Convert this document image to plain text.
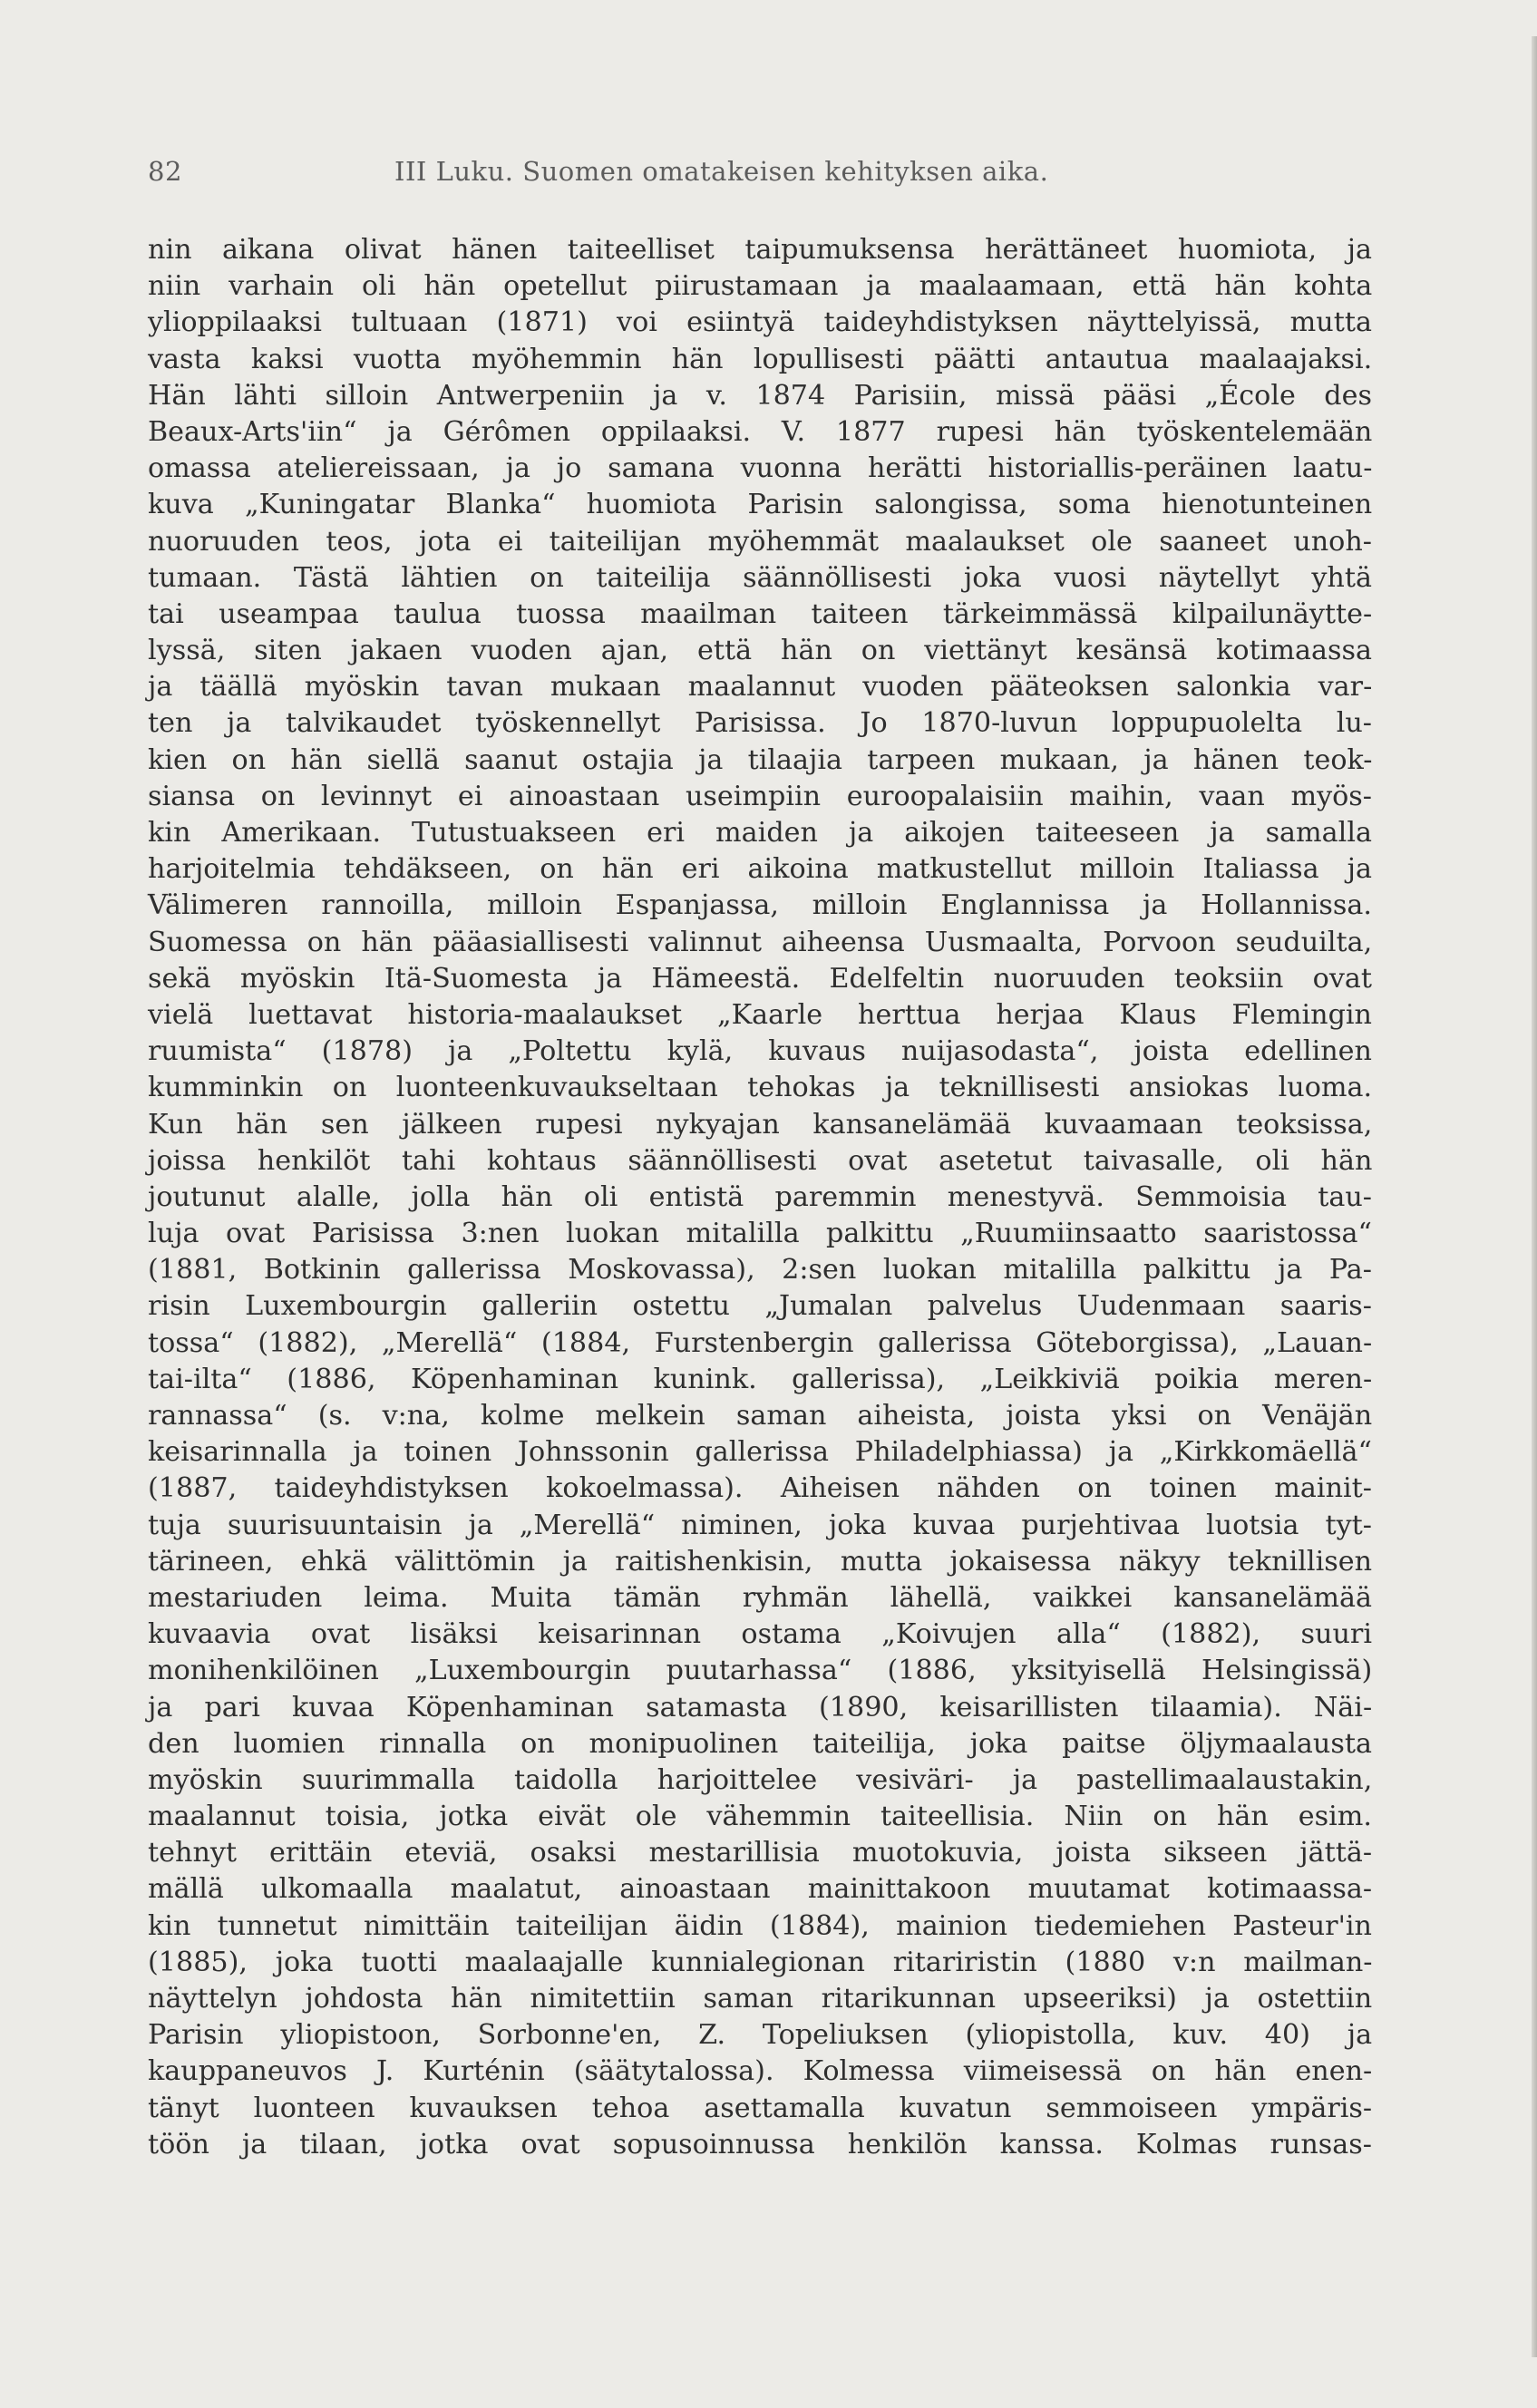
82	III Luku. Suomen omatakeisen kehityksen aika.
nin aikana olivat hänen taiteelliset taipumuksensa herättäneet huomiota, ja
niin varhain oli hän opetellut piirustamaan ja maalaamaan, että hän kohta
ylioppilaaksi tultuaan (1871) voi esiintyä taideyhdistyksen näyttelyissä, mutta
vasta kaksi vuotta myöhemmin hän lopullisesti päätti antautua maalaajaksi.
Hän lähti silloin Antwerpeniin ja v. 1874 Parisiin, missä pääsi „École des
Beaux-Arts'iin“ ja Gérômen oppilaaksi. V. 1877 rupesi hän työskentelemään
omassa ateliereissaan, ja jo samana vuonna herätti historiallis-peräinen laatu-
kuva „Kuningatar Blanka“ huomiota Parisin salongissa, soma hienotunteinen
nuoruuden teos, jota ei taiteilijan myöhemmät maalaukset ole saaneet unoh-
tumaan. Tästä lähtien on taiteilija säännöllisesti joka vuosi näytellyt yhtä
tai useampaa taulua tuossa maailman taiteen tärkeimmässä kilpailunäytte-
lyssä, siten jakaen vuoden ajan, että hän on viettänyt kesänsä kotimaassa
ja täällä myöskin tavan mukaan maalannut vuoden pääteoksen salonkia var-
ten ja talvikaudet työskennellyt Parisissa. Jo 1870-luvun loppupuolelta lu-
kien on hän siellä saanut ostajia ja tilaajia tarpeen mukaan, ja hänen teok-
siansa on levinnyt ei ainoastaan useimpiin euroopalaisiin maihin, vaan myös-
kin Amerikaan. Tutustuakseen eri maiden ja aikojen taiteeseen ja samalla
harjoitelmia tehdäkseen, on hän eri aikoina matkustellut milloin Italiassa ja
Välimeren rannoilla, milloin Espanjassa, milloin Englannissa ja Hollannissa.
Suomessa on hän pääasiallisesti valinnut aiheensa Uusmaalta, Porvoon seuduilta,
sekä myöskin Itä-Suomesta ja Hämeestä. Edelfeltin nuoruuden teoksiin ovat
vielä luettavat historia-maalaukset „Kaarle herttua herjaa Klaus Flemingin
ruumista“ (1878) ja „Poltettu kylä, kuvaus nuijasodasta“, joista edellinen
kumminkin on luonteenkuvaukseltaan tehokas ja teknillisesti ansiokas luoma.
Kun hän sen jälkeen rupesi nykyajan kansanelämää kuvaamaan teoksissa,
joissa henkilöt tahi kohtaus säännöllisesti ovat asetetut taivasalle, oli hän
joutunut alalle, jolla hän oli entistä paremmin menestyvä. Semmoisia tau-
luja ovat Parisissa 3:nen luokan mitalilla palkittu „Ruumiinsaatto saaristossa“
(1881, Botkinin gallerissa Moskovassa), 2:sen luokan mitalilla palkittu ja Pa-
risin Luxembourgin galleriin ostettu „Jumalan palvelus Uudenmaan saaris-
tossa“ (1882), „Merellä“ (1884, Furstenbergin gallerissa Göteborgissa), „Lauan-
tai-ilta“ (1886, Köpenhaminan kunink. gallerissa), „Leikkiviä poikia meren-
rannassa“ (s. v:na, kolme melkein saman aiheista, joista yksi on Venäjän
keisarinnalla ja toinen Johnssonin gallerissa Philadelphiassa) ja „Kirkkomäellä“
(1887, taideyhdistyksen kokoelmassa). Aiheisen nähden on toinen mainit-
tuja suurisuuntaisin ja „Merellä“ niminen, joka kuvaa purjehtivaa luotsia tyt-
tärineen, ehkä välittömin ja raitishenkisin, mutta jokaisessa näkyy teknillisen
mestariuden leima. Muita tämän ryhmän lähellä, vaikkei kansanelämää
kuvaavia ovat lisäksi keisarinnan ostama „Koivujen alla“ (1882), suuri
monihenkilöinen „Luxembourgin puutarhassa“ (1886, yksityisellä Helsingissä)
ja pari kuvaa Köpenhaminan satamasta (1890, keisarillisten tilaamia). Näi-
den luomien rinnalla on monipuolinen taiteilija, joka paitse öljymaalausta
myöskin suurimmalla taidolla harjoittelee vesiväri- ja pastellimaalaustakin,
maalannut toisia, jotka eivät ole vähemmin taiteellisia. Niin on hän esim.
tehnyt erittäin eteviä, osaksi mestarillisia muotokuvia, joista sikseen jättä-
mällä ulkomaalla maalatut, ainoastaan mainittakoon muutamat kotimaassa-
kin tunnetut nimittäin taiteilijan äidin (1884), mainion tiedemiehen Pasteur'in
(1885), joka tuotti maalaajalle kunnialegionan ritariristin (1880 v:n mailman-
näyttelyn johdosta hän nimitettiin saman ritarikunnan upseeriksi) ja ostettiin
Parisin yliopistoon, Sorbonne'en, Z. Topeliuksen (yliopistolla, kuv. 40) ja
kauppaneuvos J. Kurténin (säätytalossa). Kolmessa viimeisessä on hän enen-
tänyt luonteen kuvauksen tehoa asettamalla kuvatun semmoiseen ympäris-
töön ja tilaan, jotka ovat sopusoinnussa henkilön kanssa. Kolmas runsas-
